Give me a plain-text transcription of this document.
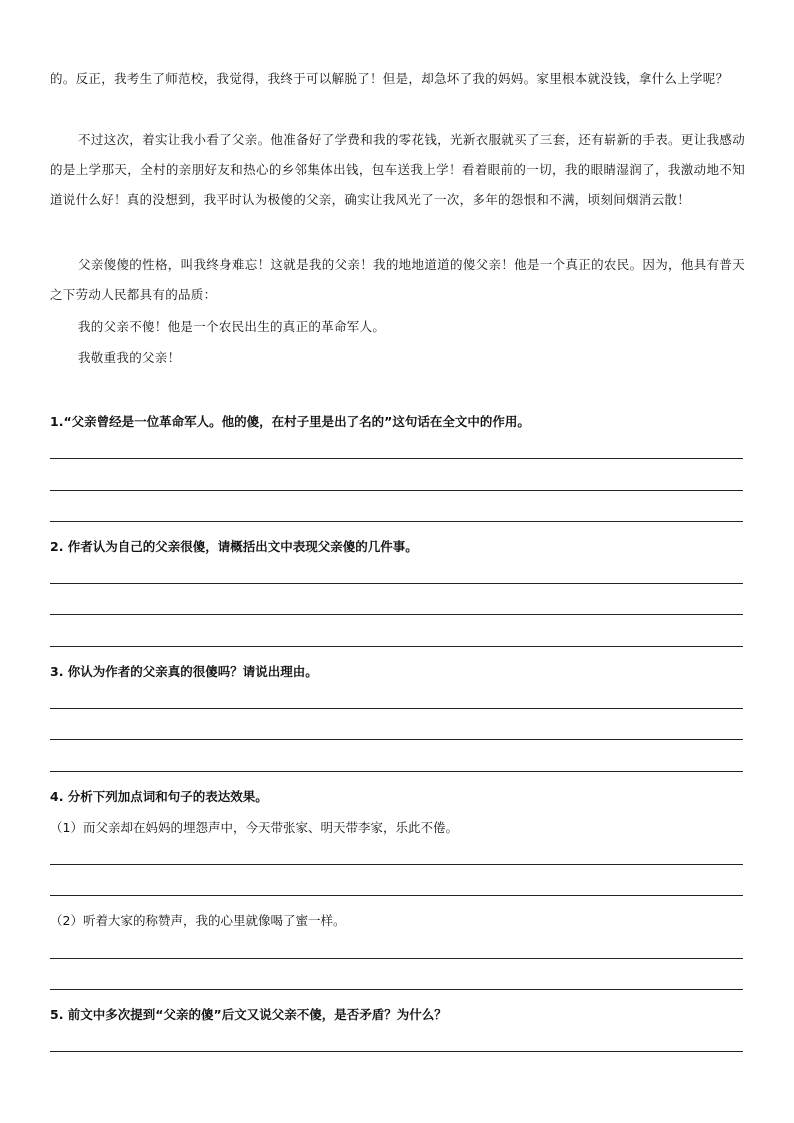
的。反正，我考生了师范校，我觉得，我终于可以解脱了！但是，却急坏了我的妈妈。家里根本就没钱，拿什么上学呢？
不过这次，着实让我小看了父亲。他准备好了学费和我的零花钱，光新衣服就买了三套，还有崭新的手表。更让我感动的是上学那天，全村的亲朋好友和热心的乡邻集体出钱，包车送我上学！看着眼前的一切，我的眼睛湿润了，我激动地不知道说什么好！真的没想到，我平时认为极傻的父亲，确实让我风光了一次，多年的怨恨和不满，顷刻间烟消云散！
父亲傻傻的性格，叫我终身难忘！这就是我的父亲！我的地地道道的傻父亲！他是一个真正的农民。因为，他具有普天之下劳动人民都具有的品质：
我的父亲不傻！他是一个农民出生的真正的革命军人。
我敬重我的父亲！
1.“父亲曾经是一位革命军人。他的傻，在村子里是出了名的”这句话在全文中的作用。
2. 作者认为自己的父亲很傻，请概括出文中表现父亲傻的几件事。
3. 你认为作者的父亲真的很傻吗？请说出理由。
4. 分析下列加点词和句子的表达效果。
（1）而父亲却在妈妈的埋怨声中，今天带张家、明天带李家，乐此不倦。
（2）听着大家的称赞声，我的心里就像喝了蜜一样。
5. 前文中多次提到“父亲的傻”后文又说父亲不傻，是否矛盾？为什么？
